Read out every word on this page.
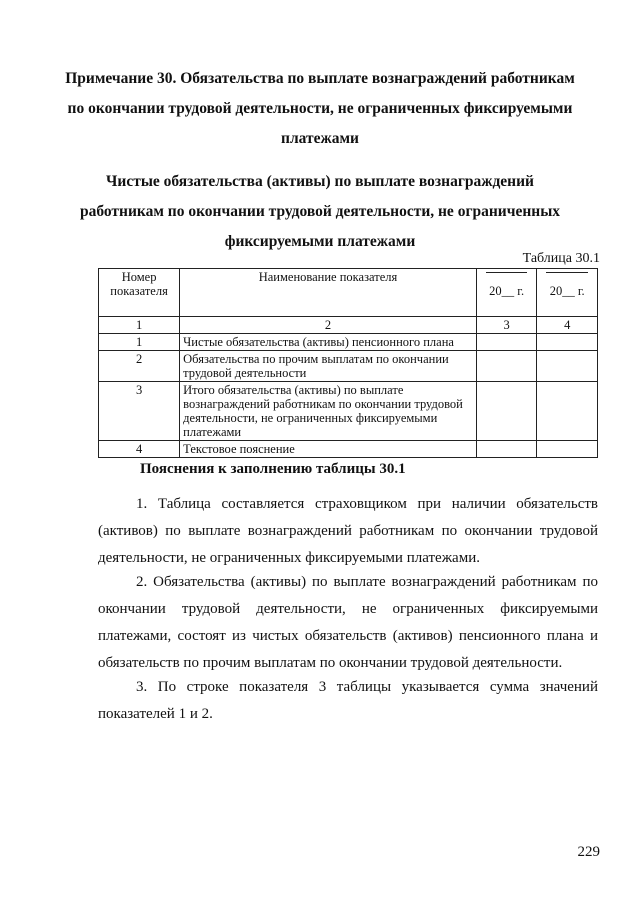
Примечание 30. Обязательства по выплате вознаграждений работникам
по окончании трудовой деятельности, не ограниченных фиксируемыми
платежами
Чистые обязательства (активы) по выплате вознаграждений
работникам по окончании трудовой деятельности, не ограниченных
фиксируемыми платежами
Таблица 30.1
Номер показателя	Наименование показателя	20__ г.	20__ г.

1	2	3	4
1	Чистые обязательства (активы) пенсионного плана		
2	Обязательства по прочим выплатам по окончании трудовой деятельности		
3	Итого обязательства (активы) по выплате вознаграждений работникам по окончании трудовой деятельности, не ограниченных фиксируемыми платежами		
4	Текстовое пояснение		
Пояснения к заполнению таблицы 30.1
1. Таблица составляется страховщиком при наличии обязательств (активов) по выплате вознаграждений работникам по окончании трудовой деятельности, не ограниченных фиксируемыми платежами.
2. Обязательства (активы) по выплате вознаграждений работникам по окончании трудовой деятельности, не ограниченных фиксируемыми платежами, состоят из чистых обязательств (активов) пенсионного плана и обязательств по прочим выплатам по окончании трудовой деятельности.
3. По строке показателя 3 таблицы указывается сумма значений показателей 1 и 2.
229
